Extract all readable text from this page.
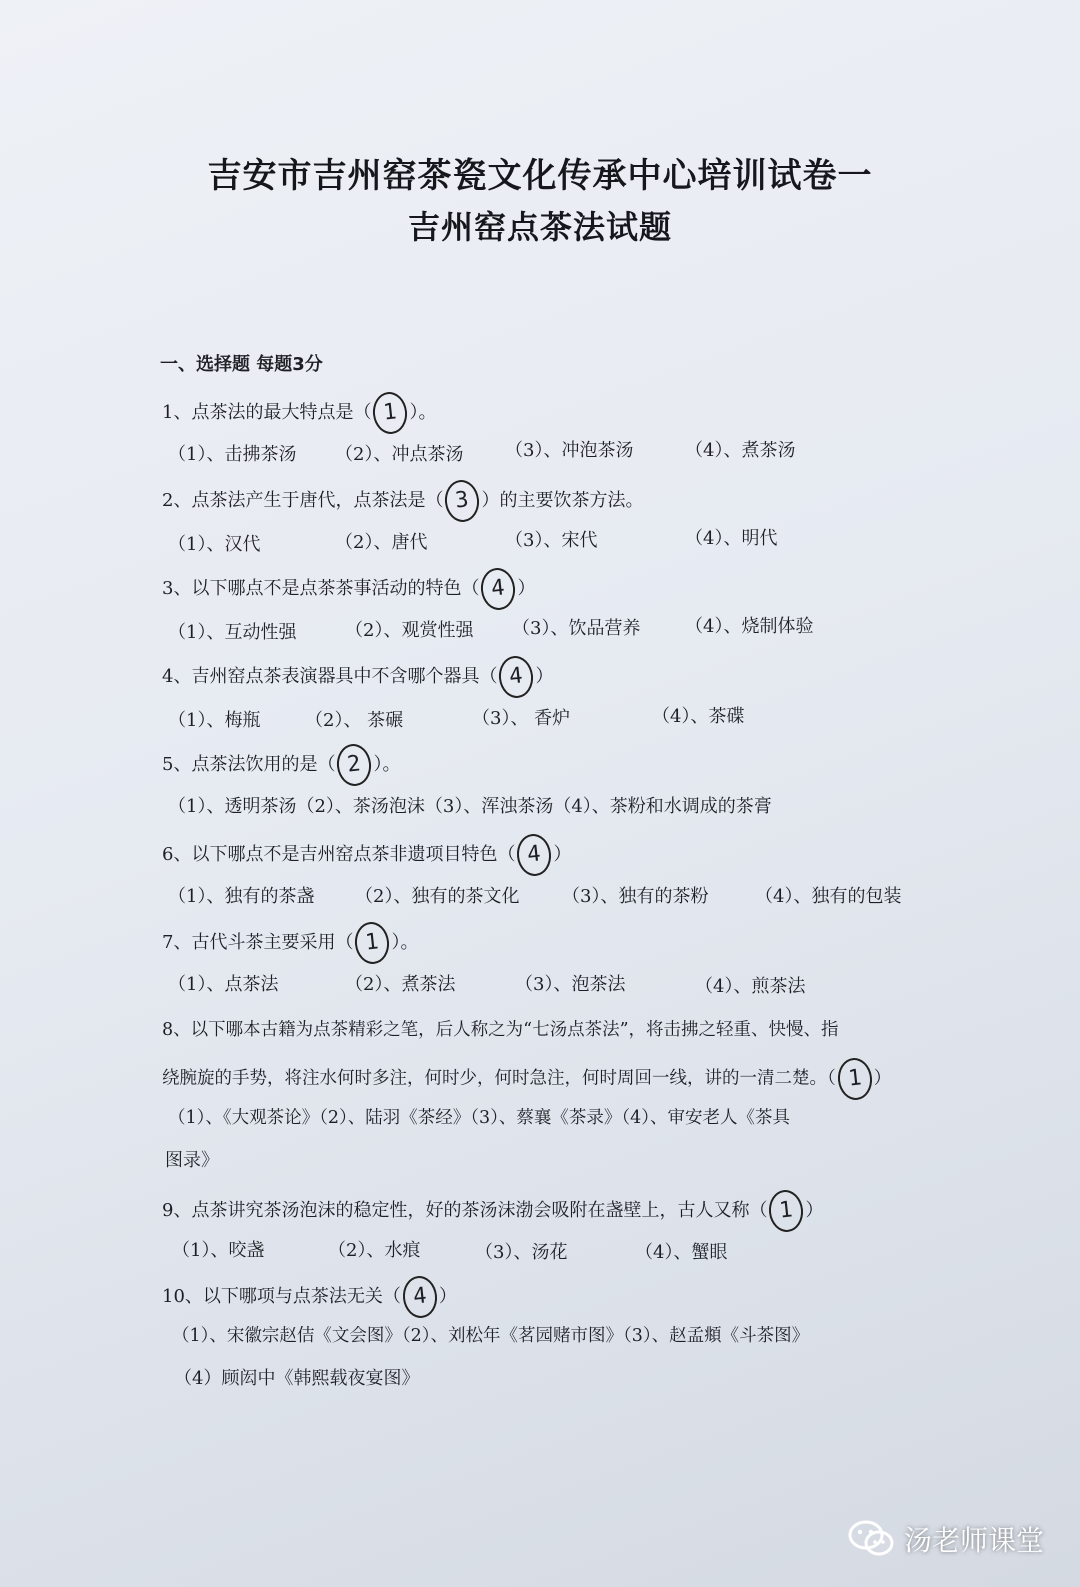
吉安市吉州窑茶瓷文化传承中心培训试卷一
吉州窑点茶法试题
一、选择题 每题3分
1、点茶法的最大特点是（ 1 ）。
（1）、击拂茶汤 （2）、冲点茶汤 （3）、冲泡茶汤	（4）、煮茶汤
2、点茶法产生于唐代，点茶法是（ 3 ）的主要饮茶方法。
（1）、汉代	（2）、唐代	（3）、宋代	（4）、明代
3、以下哪点不是点茶茶事活动的特色（ 4 ）
（1）、互动性强	（2）、观赏性强 （3）、饮品营养 （4）、烧制体验
4、吉州窑点茶表演器具中不含哪个器具（ 4 ）
（1）、梅瓶 （2）、 茶碾	（3）、 香炉	（4）、茶碟
5、点茶法饮用的是（ 2 ）。
（1）、透明茶汤（2）、茶汤泡沫（3）、浑浊茶汤（4）、茶粉和水调成的茶膏
6、以下哪点不是吉州窑点茶非遗项目特色（ 4 ）
（1）、独有的茶盏 （2）、独有的茶文化 （3）、独有的茶粉	（4）、独有的包装
7、古代斗茶主要采用（ 1 ）。
（1）、点茶法	（2）、煮茶法	（3）、泡茶法	（4）、煎茶法
8、以下哪本古籍为点茶精彩之笔，后人称之为“七汤点茶法”，将击拂之轻重、快慢、指
绕腕旋的手势，将注水何时多注，何时少，何时急注，何时周回一线，讲的一清二楚。（ 1 ）
（1）、《大观茶论》（2）、陆羽《茶经》（3）、蔡襄《茶录》（4）、审安老人《茶具
图录》
9、点茶讲究茶汤泡沫的稳定性，好的茶汤沫渤会吸附在盏壁上，古人又称（ 1 ）
（1）、咬盏	（2）、水痕	（3）、汤花	（4）、蟹眼
10、以下哪项与点茶法无关（ 4 ）
（1）、宋徽宗赵佶《文会图》（2）、刘松年《茗园赌市图》（3）、赵孟頫《斗茶图》
（4）顾闳中《韩熙载夜宴图》
汤老师课堂
